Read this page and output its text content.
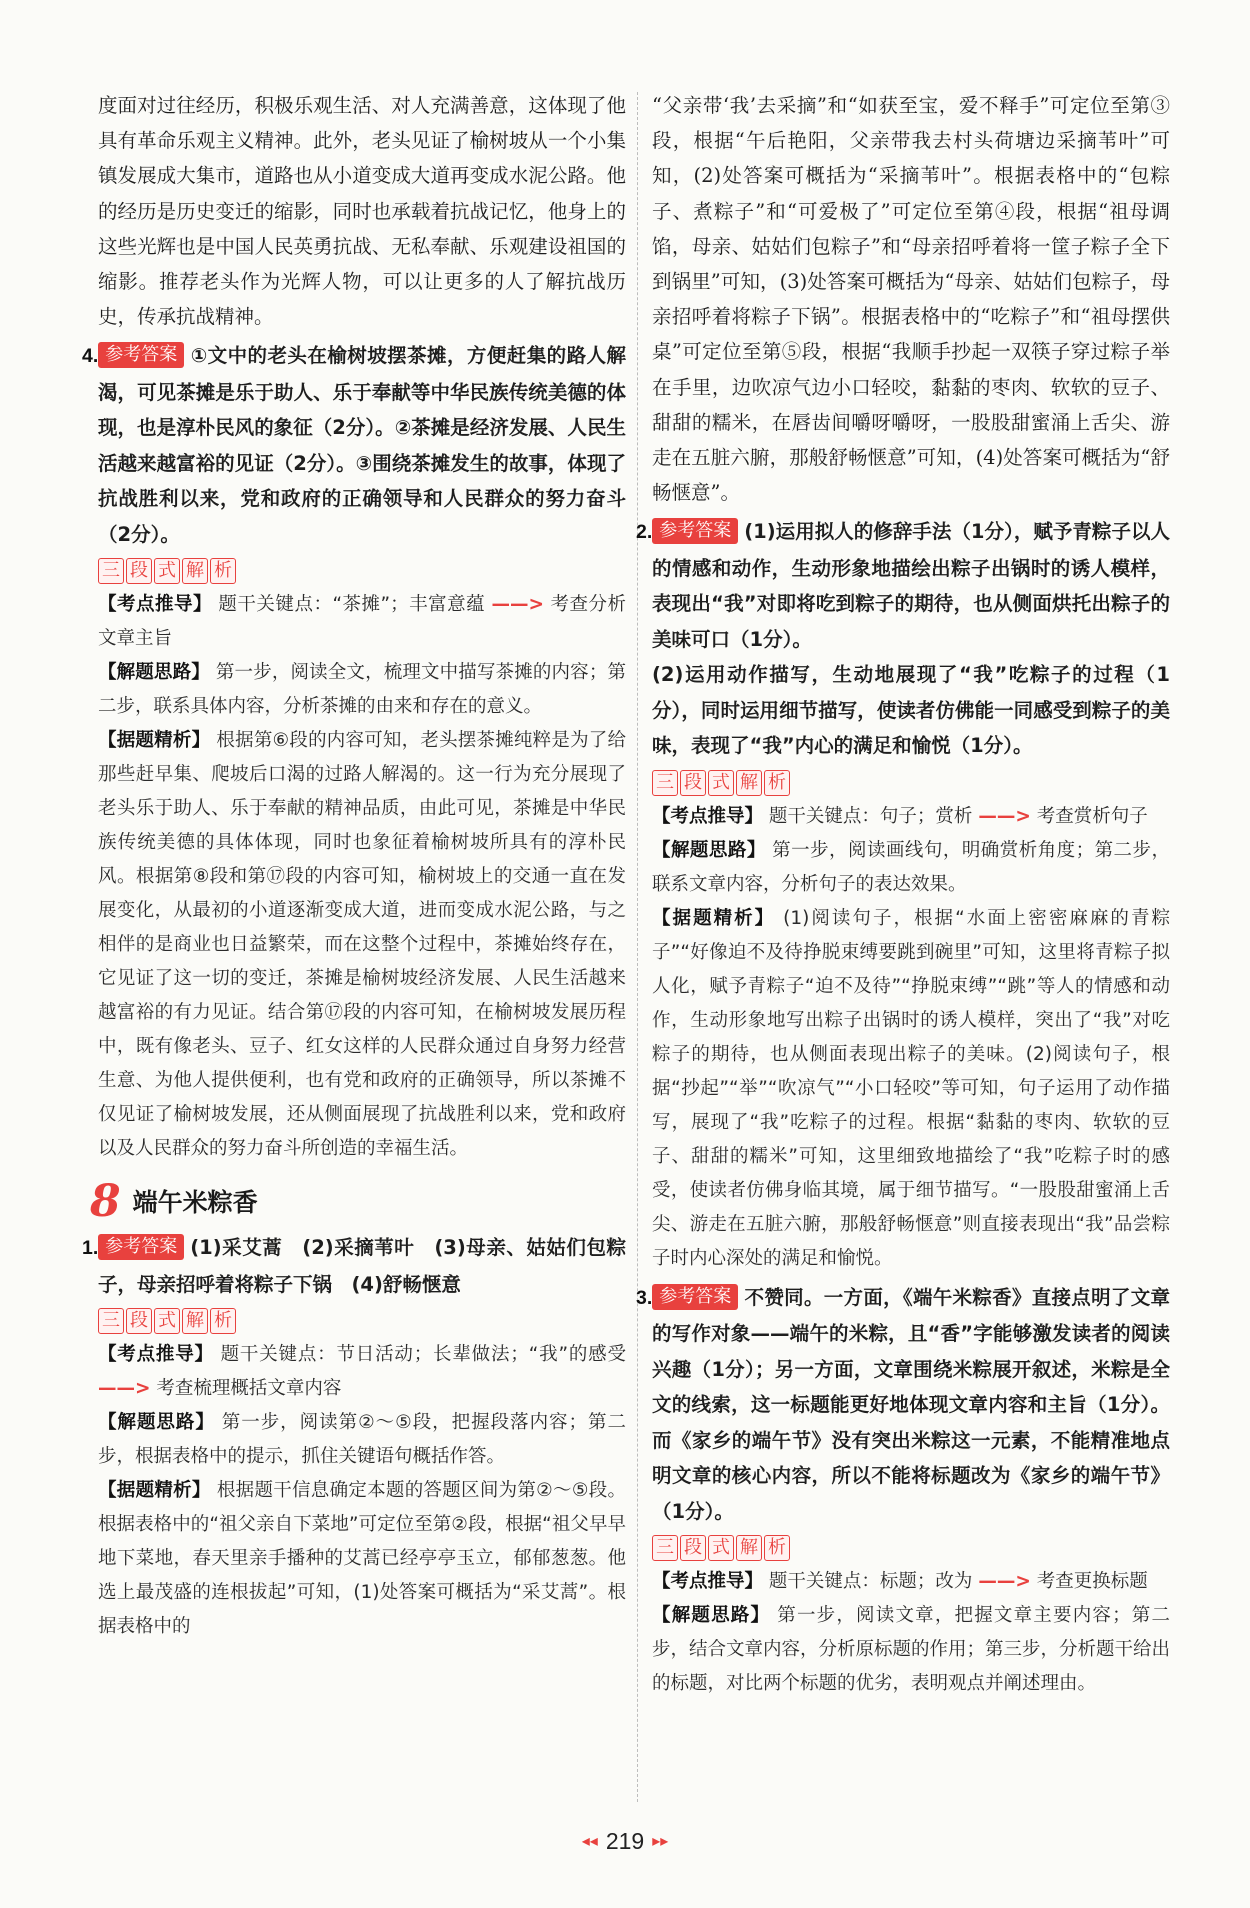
度面对过往经历，积极乐观生活、对人充满善意，这体现了他具有革命乐观主义精神。此外，老头见证了榆树坡从一个小集镇发展成大集市，道路也从小道变成大道再变成水泥公路。他的经历是历史变迁的缩影，同时也承载着抗战记忆，他身上的这些光辉也是中国人民英勇抗战、无私奉献、乐观建设祖国的缩影。推荐老头作为光辉人物，可以让更多的人了解抗战历史，传承抗战精神。

4. 参考答案 ①文中的老头在榆树坡摆茶摊，方便赶集的路人解渴，可见茶摊是乐于助人、乐于奉献等中华民族传统美德的体现，也是淳朴民风的象征（2分）。②茶摊是经济发展、人民生活越来越富裕的见证（2分）。③围绕茶摊发生的故事，体现了抗战胜利以来，党和政府的正确领导和人民群众的努力奋斗（2分）。

三 段 式 解 析

【考点推导】 题干关键点：“茶摊”；丰富意蕴 ——> 考查分析文章主旨

【解题思路】 第一步，阅读全文，梳理文中描写茶摊的内容；第二步，联系具体内容，分析茶摊的由来和存在的意义。

【据题精析】 根据第⑥段的内容可知，老头摆茶摊纯粹是为了给那些赶早集、爬坡后口渴的过路人解渴的。这一行为充分展现了老头乐于助人、乐于奉献的精神品质，由此可见，茶摊是中华民族传统美德的具体体现，同时也象征着榆树坡所具有的淳朴民风。根据第⑧段和第⑰段的内容可知，榆树坡上的交通一直在发展变化，从最初的小道逐渐变成大道，进而变成水泥公路，与之相伴的是商业也日益繁荣，而在这整个过程中，茶摊始终存在，它见证了这一切的变迁，茶摊是榆树坡经济发展、人民生活越来越富裕的有力见证。结合第⑰段的内容可知，在榆树坡发展历程中，既有像老头、豆子、红女这样的人民群众通过自身努力经营生意、为他人提供便利，也有党和政府的正确领导，所以茶摊不仅见证了榆树坡发展，还从侧面展现了抗战胜利以来，党和政府以及人民群众的努力奋斗所创造的幸福生活。

8 端午米粽香

1. 参考答案 (1)采艾蒿　(2)采摘苇叶　(3)母亲、姑姑们包粽子，母亲招呼着将粽子下锅　(4)舒畅惬意

三 段 式 解 析

【考点推导】 题干关键点：节日活动；长辈做法；“我”的感受 ——> 考查梳理概括文章内容

【解题思路】 第一步，阅读第②～⑤段，把握段落内容；第二步，根据表格中的提示，抓住关键语句概括作答。

【据题精析】 根据题干信息确定本题的答题区间为第②～⑤段。根据表格中的“祖父亲自下菜地”可定位至第②段，根据“祖父早早地下菜地，春天里亲手播种的艾蒿已经亭亭玉立，郁郁葱葱。他选上最茂盛的连根拔起”可知，(1)处答案可概括为“采艾蒿”。根据表格中的

“父亲带‘我’去采摘”和“如获至宝，爱不释手”可定位至第③段，根据“午后艳阳，父亲带我去村头荷塘边采摘苇叶”可知，(2)处答案可概括为“采摘苇叶”。根据表格中的“包粽子、煮粽子”和“可爱极了”可定位至第④段，根据“祖母调馅，母亲、姑姑们包粽子”和“母亲招呼着将一筐子粽子全下到锅里”可知，(3)处答案可概括为“母亲、姑姑们包粽子，母亲招呼着将粽子下锅”。根据表格中的“吃粽子”和“祖母摆供桌”可定位至第⑤段，根据“我顺手抄起一双筷子穿过粽子举在手里，边吹凉气边小口轻咬，黏黏的枣肉、软软的豆子、甜甜的糯米，在唇齿间嚼呀嚼呀，一股股甜蜜涌上舌尖、游走在五脏六腑，那般舒畅惬意”可知，(4)处答案可概括为“舒畅惬意”。

2. 参考答案 (1)运用拟人的修辞手法（1分），赋予青粽子以人的情感和动作，生动形象地描绘出粽子出锅时的诱人模样，表现出“我”对即将吃到粽子的期待，也从侧面烘托出粽子的美味可口（1分）。

(2)运用动作描写，生动地展现了“我”吃粽子的过程（1分），同时运用细节描写，使读者仿佛能一同感受到粽子的美味，表现了“我”内心的满足和愉悦（1分）。

三 段 式 解 析

【考点推导】 题干关键点：句子；赏析 ——> 考查赏析句子

【解题思路】 第一步，阅读画线句，明确赏析角度；第二步，联系文章内容，分析句子的表达效果。

【据题精析】 (1)阅读句子，根据“水面上密密麻麻的青粽子”“好像迫不及待挣脱束缚要跳到碗里”可知，这里将青粽子拟人化，赋予青粽子“迫不及待”“挣脱束缚”“跳”等人的情感和动作，生动形象地写出粽子出锅时的诱人模样，突出了“我”对吃粽子的期待，也从侧面表现出粽子的美味。(2)阅读句子，根据“抄起”“举”“吹凉气”“小口轻咬”等可知，句子运用了动作描写，展现了“我”吃粽子的过程。根据“黏黏的枣肉、软软的豆子、甜甜的糯米”可知，这里细致地描绘了“我”吃粽子时的感受，使读者仿佛身临其境，属于细节描写。“一股股甜蜜涌上舌尖、游走在五脏六腑，那般舒畅惬意”则直接表现出“我”品尝粽子时内心深处的满足和愉悦。

3. 参考答案 不赞同。一方面，《端午米粽香》直接点明了文章的写作对象——端午的米粽，且“香”字能够激发读者的阅读兴趣（1分）；另一方面，文章围绕米粽展开叙述，米粽是全文的线索，这一标题能更好地体现文章内容和主旨（1分）。而《家乡的端午节》没有突出米粽这一元素，不能精准地点明文章的核心内容，所以不能将标题改为《家乡的端午节》（1分）。

三 段 式 解 析

【考点推导】 题干关键点：标题；改为 ——> 考查更换标题

【解题思路】 第一步，阅读文章，把握文章主要内容；第二步，结合文章内容，分析原标题的作用；第三步，分析题干给出的标题，对比两个标题的优劣，表明观点并阐述理由。

◂◂ 219 ▸▸
